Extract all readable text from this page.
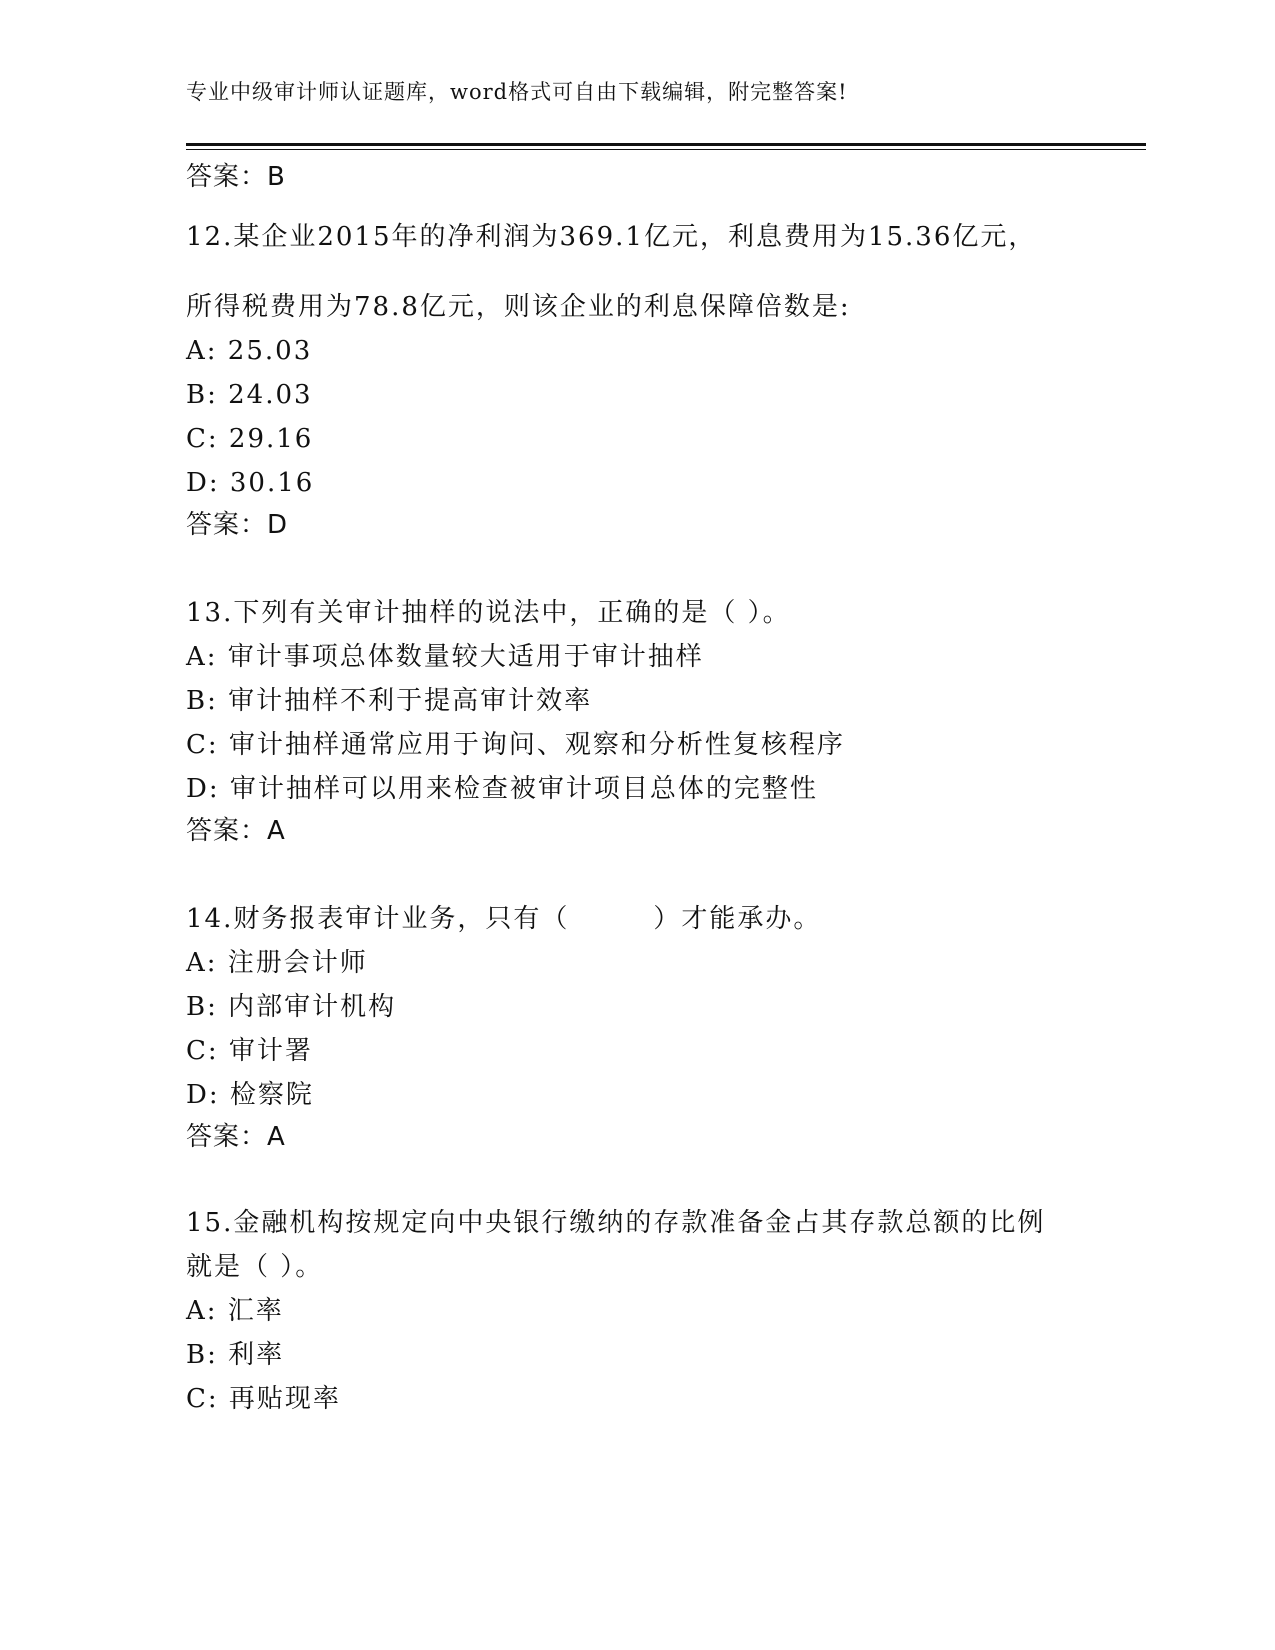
专业中级审计师认证题库，word格式可自由下载编辑，附完整答案!
答案：B
12.某企业2015年的净利润为369.1亿元，利息费用为15.36亿元，
所得税费用为78.8亿元，则该企业的利息保障倍数是:
A: 25.03
B: 24.03
C: 29.16
D: 30.16
答案：D
13.下列有关审计抽样的说法中，正确的是（ ）。
A: 审计事项总体数量较大适用于审计抽样
B: 审计抽样不利于提高审计效率
C: 审计抽样通常应用于询问、观察和分析性复核程序
D: 审计抽样可以用来检查被审计项目总体的完整性
答案：A
14.财务报表审计业务，只有（　　　）才能承办。
A: 注册会计师
B: 内部审计机构
C: 审计署
D: 检察院
答案：A
15.金融机构按规定向中央银行缴纳的存款准备金占其存款总额的比例
就是（ ）。
A: 汇率
B: 利率
C: 再贴现率
